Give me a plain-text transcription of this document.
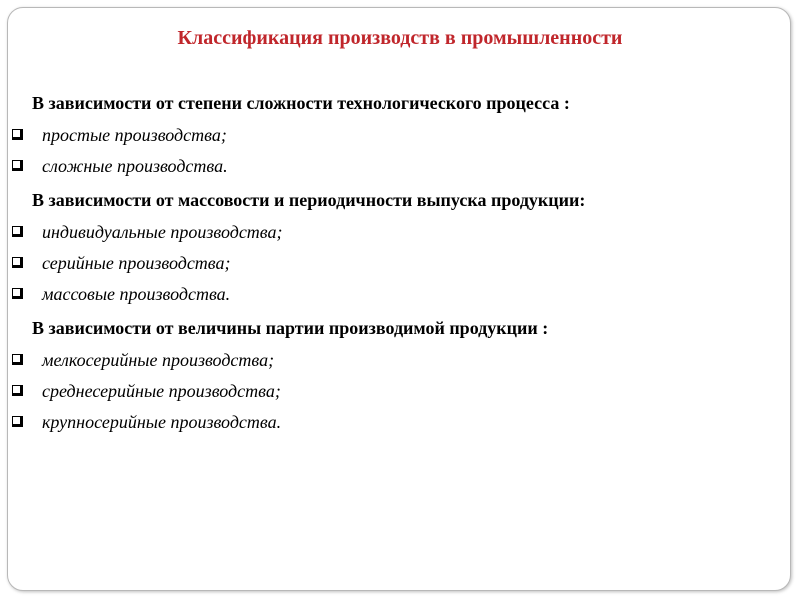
Классификация производств в промышленности
В зависимости от степени сложности технологического процесса :
простые производства;
сложные производства.
В зависимости от массовости и периодичности выпуска продукции:
индивидуальные производства;
серийные производства;
массовые производства.
В зависимости от величины партии производимой продукции :
мелкосерийные производства;
среднесерийные производства;
крупносерийные производства.
